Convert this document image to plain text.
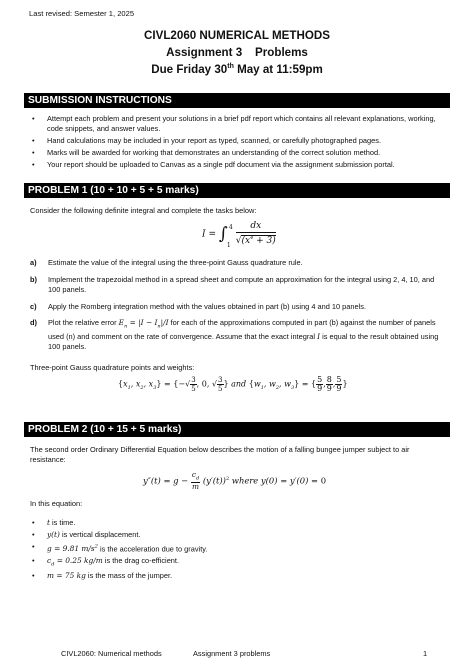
Last revised: Semester 1, 2025
CIVL2060 NUMERICAL METHODS
Assignment 3    Problems
Due Friday 30th May at 11:59pm
SUBMISSION INSTRUCTIONS
• Attempt each problem and present your solutions in a brief pdf report which contains all relevant explanations, working, code snippets, and answer values.
• Hand calculations may be included in your report as typed, scanned, or carefully photographed pages.
• Marks will be awarded for working that demonstrates an understanding of the correct solution method.
• Your report should be uploaded to Canvas as a single pdf document via the assignment submission portal.
PROBLEM 1 (10 + 10 + 5 + 5 marks)
Consider the following definite integral and complete the tasks below:
I = ∫ 4
1
$\frac{dx}{√(x^4 + 3)}$
a) Estimate the value of the integral using the three-point Gauss quadrature rule.
b) Implement the trapezoidal method in a spread sheet and compute an approximation for the integral using 2, 4, 10, and 100 panels.
c) Apply the Romberg integration method with the values obtained in part (b) using 4 and 10 panels.
d) Plot the relative error $E_n = |I - I_n|/I$ for each of the approximations computed in part (b) against the number of panels used (n) and comment on the rate of convergence. Assume that the exact integral I is equal to the result obtained using 100 panels.
Three-point Gauss quadrature points and weights:
{$x_1$, $x_2$, $x_3$} = {−√ $\frac{3}{5}$ , 0, √ $\frac{3}{5}$ } and {$w_1$, $w_2$, $w_3$} = { $\frac{5}{9}$ , $\frac{8}{9}$ , $\frac{5}{9}$ }
PROBLEM 2 (10 + 15 + 5 marks)
The second order Ordinary Differential Equation below describes the motion of a falling bungee jumper subject to air resistance:
$y''(t) = g - \frac{c_d}{m} (y'(t))^2$ where y(0) = y′(0) = 0
In this equation:
• t is time.
• y(t) is vertical displacement.
• g = 9.81 $m/s^2$ is the acceleration due to gravity.
• $c_d = 0.25$ kg/m is the drag co-efficient.
• m = 75 kg is the mass of the jumper.
CIVL2060: Numerical methods	Assignment 3 problems	1
